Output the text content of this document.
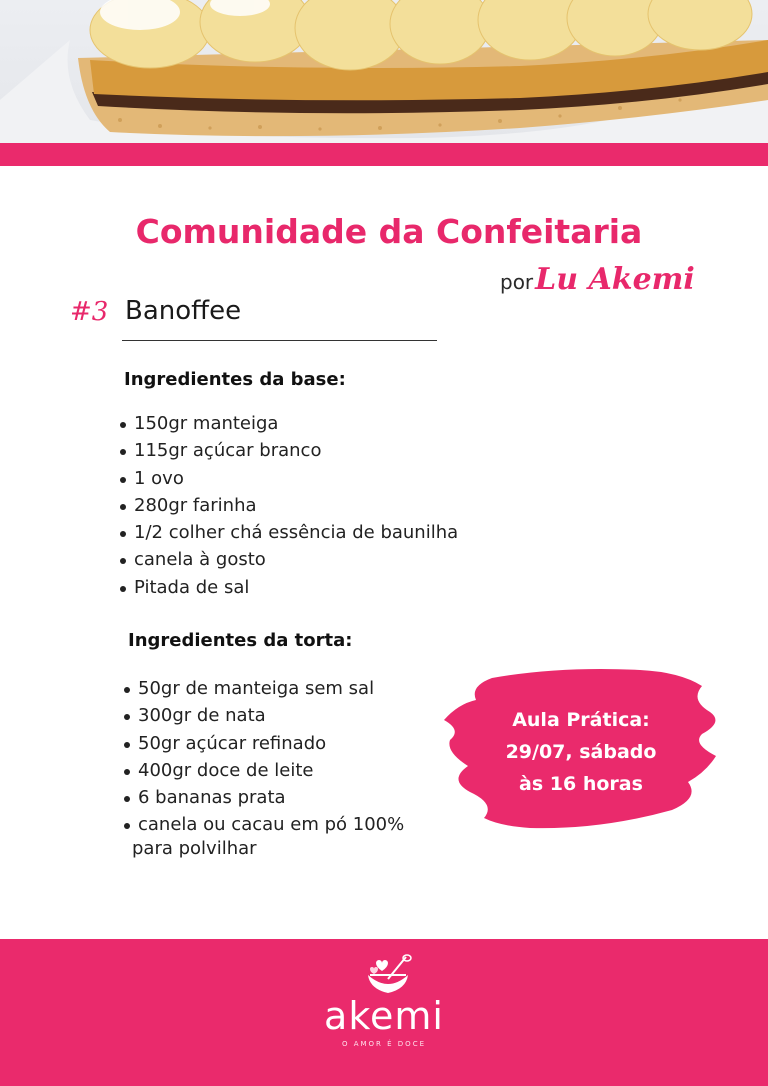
Comunidade da Confeitaria
por Lu Akemi
#3 Banoffee
Ingredientes da base:
150gr manteiga
115gr açúcar branco
1 ovo
280gr farinha
1/2 colher chá essência de baunilha
canela à gosto
Pitada de sal
Ingredientes da torta:
50gr de manteiga sem sal
300gr de nata
50gr açúcar refinado
400gr doce de leite
6 bananas prata
canela ou cacau em pó 100%
para polvilhar
Aula Prática:
29/07, sábado
às 16 horas
akemi
O AMOR É DOCE
